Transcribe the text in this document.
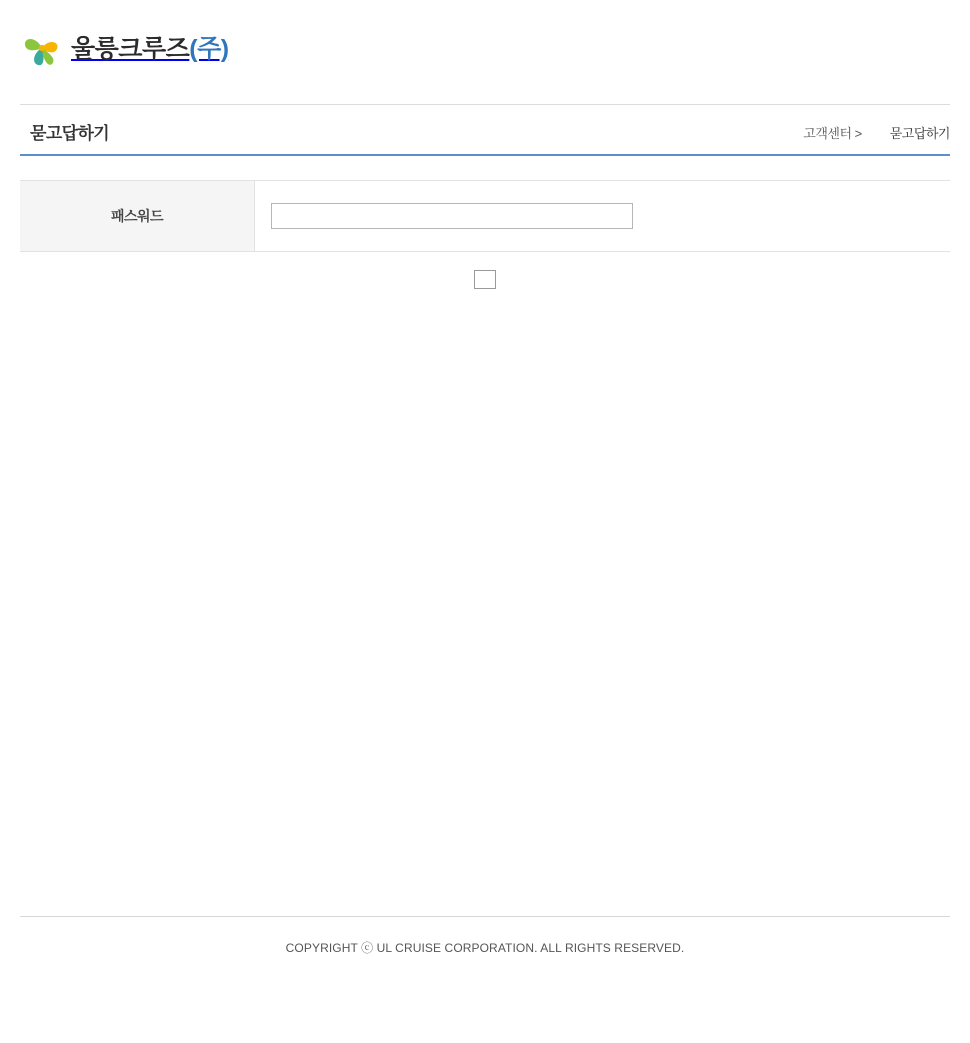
울릉크루즈(주)
묻고답하기	고객센터 > 묻고답하기
패스워드	
COPYRIGHT ⓒ UL CRUISE CORPORATION. ALL RIGHTS RESERVED.
